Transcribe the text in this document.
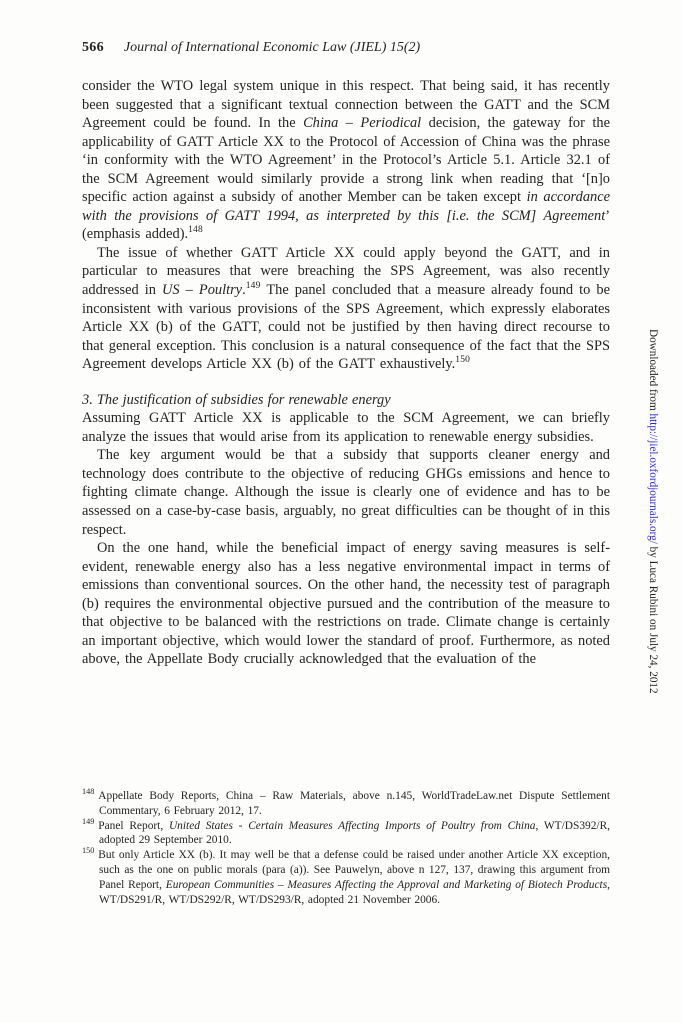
566 Journal of International Economic Law (JIEL) 15(2)

consider the WTO legal system unique in this respect. That being said, it has recently been suggested that a significant textual connection between the GATT and the SCM Agreement could be found. In the China – Periodical decision, the gateway for the applicability of GATT Article XX to the Protocol of Accession of China was the phrase ‘in conformity with the WTO Agreement’ in the Protocol’s Article 5.1. Article 32.1 of the SCM Agreement would similarly provide a strong link when reading that ‘[n]o specific action against a subsidy of another Member can be taken except in accordance with the provisions of GATT 1994, as interpreted by this [i.e. the SCM] Agreement’ (emphasis added).$^{148}$

The issue of whether GATT Article XX could apply beyond the GATT, and in particular to measures that were breaching the SPS Agreement, was also recently addressed in US – Poultry.$^{149}$ The panel concluded that a measure already found to be inconsistent with various provisions of the SPS Agreement, which expressly elaborates Article XX (b) of the GATT, could not be justified by then having direct recourse to that general exception. This conclusion is a natural consequence of the fact that the SPS Agreement develops Article XX (b) of the GATT exhaustively.$^{150}$

3. The justification of subsidies for renewable energy

Assuming GATT Article XX is applicable to the SCM Agreement, we can briefly analyze the issues that would arise from its application to renewable energy subsidies.

The key argument would be that a subsidy that supports cleaner energy and technology does contribute to the objective of reducing GHGs emissions and hence to fighting climate change. Although the issue is clearly one of evidence and has to be assessed on a case-by-case basis, arguably, no great difficulties can be thought of in this respect.

On the one hand, while the beneficial impact of energy saving measures is self-evident, renewable energy also has a less negative environmental impact in terms of emissions than conventional sources. On the other hand, the necessity test of paragraph (b) requires the environmental objective pursued and the contribution of the measure to that objective to be balanced with the restrictions on trade. Climate change is certainly an important objective, which would lower the standard of proof. Furthermore, as noted above, the Appellate Body crucially acknowledged that the evaluation of the

$^{148}$ Appellate Body Reports, China – Raw Materials, above n.145, WorldTradeLaw.net Dispute Settlement Commentary, 6 February 2012, 17.
$^{149}$ Panel Report, United States - Certain Measures Affecting Imports of Poultry from China, WT/DS392/R, adopted 29 September 2010.
$^{150}$ But only Article XX (b). It may well be that a defense could be raised under another Article XX exception, such as the one on public morals (para (a)). See Pauwelyn, above n 127, 137, drawing this argument from Panel Report, European Communities – Measures Affecting the Approval and Marketing of Biotech Products, WT/DS291/R, WT/DS292/R, WT/DS293/R, adopted 21 November 2006.
Downloaded from http://jiel.oxfordjournals.org/ by Luca Rubini on July 24, 2012
